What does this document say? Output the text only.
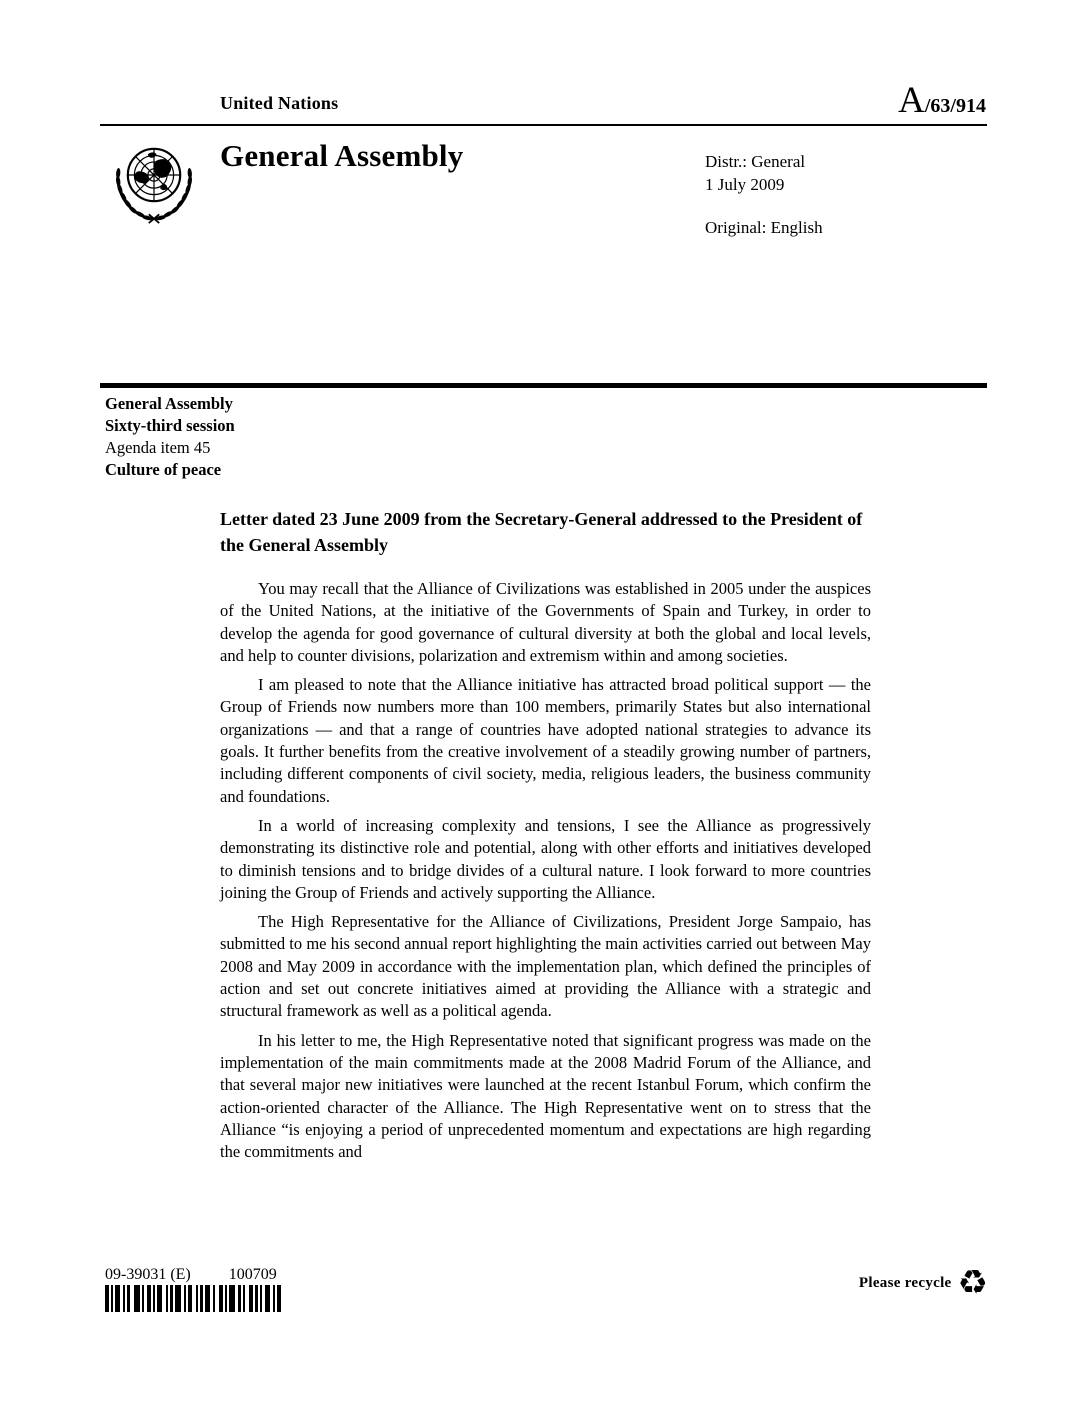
United Nations	A/63/914
General Assembly	Distr.: General
1 July 2009
Original: English
General Assembly
Sixty-third session
Agenda item 45
Culture of peace
Letter dated 23 June 2009 from the Secretary-General addressed to the President of the General Assembly

You may recall that the Alliance of Civilizations was established in 2005 under the auspices of the United Nations, at the initiative of the Governments of Spain and Turkey, in order to develop the agenda for good governance of cultural diversity at both the global and local levels, and help to counter divisions, polarization and extremism within and among societies.

I am pleased to note that the Alliance initiative has attracted broad political support — the Group of Friends now numbers more than 100 members, primarily States but also international organizations — and that a range of countries have adopted national strategies to advance its goals. It further benefits from the creative involvement of a steadily growing number of partners, including different components of civil society, media, religious leaders, the business community and foundations.

In a world of increasing complexity and tensions, I see the Alliance as progressively demonstrating its distinctive role and potential, along with other efforts and initiatives developed to diminish tensions and to bridge divides of a cultural nature. I look forward to more countries joining the Group of Friends and actively supporting the Alliance.

The High Representative for the Alliance of Civilizations, President Jorge Sampaio, has submitted to me his second annual report highlighting the main activities carried out between May 2008 and May 2009 in accordance with the implementation plan, which defined the principles of action and set out concrete initiatives aimed at providing the Alliance with a strategic and structural framework as well as a political agenda.

In his letter to me, the High Representative noted that significant progress was made on the implementation of the main commitments made at the 2008 Madrid Forum of the Alliance, and that several major new initiatives were launched at the recent Istanbul Forum, which confirm the action-oriented character of the Alliance. The High Representative went on to stress that the Alliance “is enjoying a period of unprecedented momentum and expectations are high regarding the commitments and

09-39031 (E) 100709	Please recycle ♻
